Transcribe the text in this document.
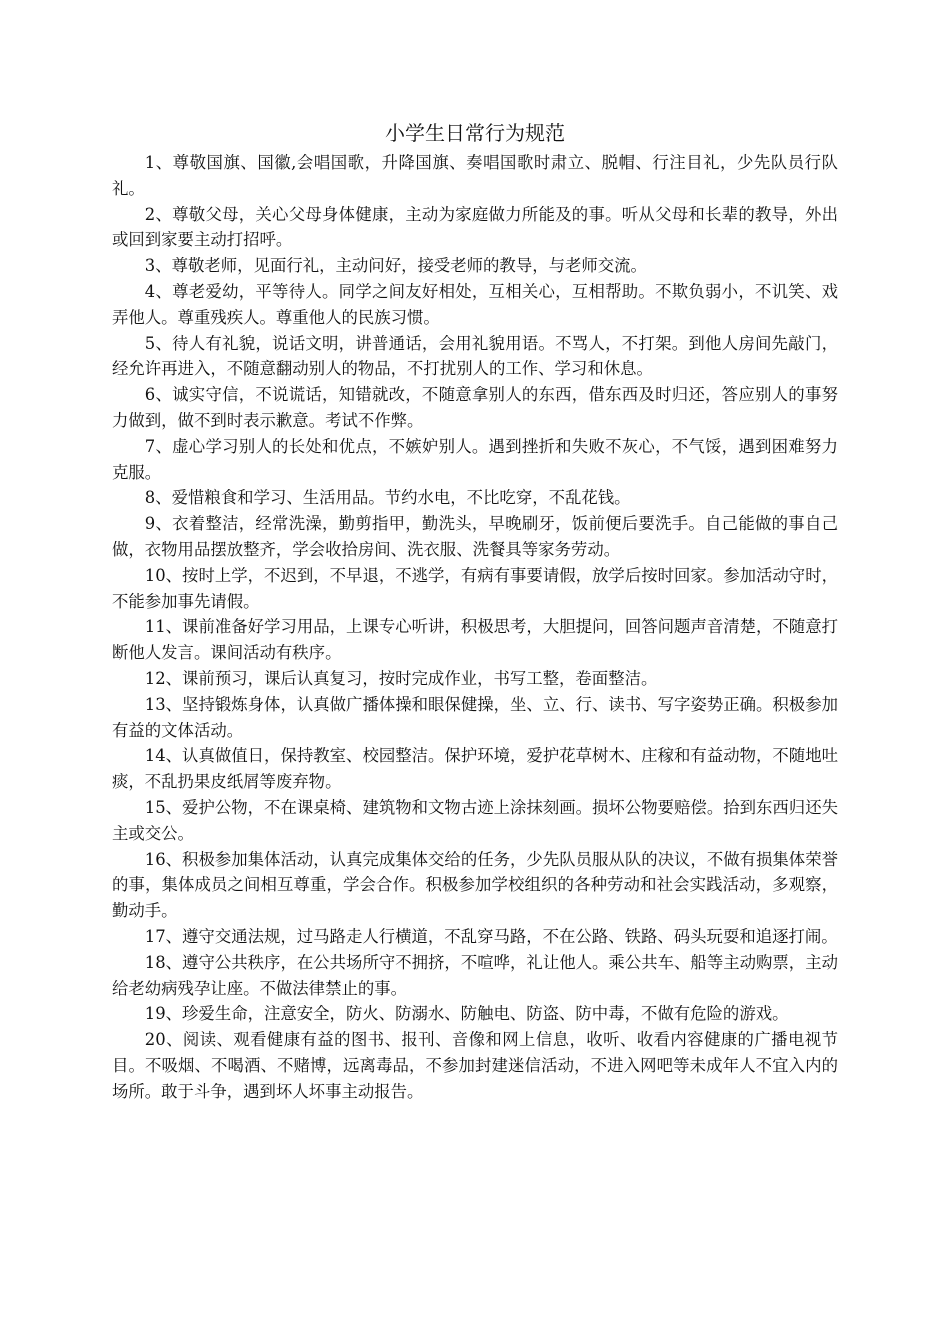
小学生日常行为规范

1、尊敬国旗、国徽,会唱国歌，升降国旗、奏唱国歌时肃立、脱帽、行注目礼，少先队员行队礼。

2、尊敬父母，关心父母身体健康，主动为家庭做力所能及的事。听从父母和长辈的教导，外出或回到家要主动打招呼。

3、尊敬老师，见面行礼，主动问好，接受老师的教导，与老师交流。

4、尊老爱幼，平等待人。同学之间友好相处，互相关心，互相帮助。不欺负弱小，不讥笑、戏弄他人。尊重残疾人。尊重他人的民族习惯。

5、待人有礼貌，说话文明，讲普通话，会用礼貌用语。不骂人，不打架。到他人房间先敲门，经允许再进入，不随意翻动别人的物品，不打扰别人的工作、学习和休息。

6、诚实守信，不说谎话，知错就改，不随意拿别人的东西，借东西及时归还，答应别人的事努力做到，做不到时表示歉意。考试不作弊。

7、虚心学习别人的长处和优点，不嫉妒别人。遇到挫折和失败不灰心，不气馁，遇到困难努力克服。

8、爱惜粮食和学习、生活用品。节约水电，不比吃穿，不乱花钱。

9、衣着整洁，经常洗澡，勤剪指甲，勤洗头，早晚刷牙，饭前便后要洗手。自己能做的事自己做，衣物用品摆放整齐，学会收拾房间、洗衣服、洗餐具等家务劳动。

10、按时上学，不迟到，不早退，不逃学，有病有事要请假，放学后按时回家。参加活动守时，不能参加事先请假。

11、课前准备好学习用品，上课专心听讲，积极思考，大胆提问，回答问题声音清楚，不随意打断他人发言。课间活动有秩序。

12、课前预习，课后认真复习，按时完成作业，书写工整，卷面整洁。

13、坚持锻炼身体，认真做广播体操和眼保健操，坐、立、行、读书、写字姿势正确。积极参加有益的文体活动。

14、认真做值日，保持教室、校园整洁。保护环境，爱护花草树木、庄稼和有益动物，不随地吐痰，不乱扔果皮纸屑等废弃物。

15、爱护公物，不在课桌椅、建筑物和文物古迹上涂抹刻画。损坏公物要赔偿。拾到东西归还失主或交公。

16、积极参加集体活动，认真完成集体交给的任务，少先队员服从队的决议，不做有损集体荣誉的事，集体成员之间相互尊重，学会合作。积极参加学校组织的各种劳动和社会实践活动，多观察，勤动手。

17、遵守交通法规，过马路走人行横道，不乱穿马路，不在公路、铁路、码头玩耍和追逐打闹。

18、遵守公共秩序，在公共场所守不拥挤，不喧哗，礼让他人。乘公共车、船等主动购票，主动给老幼病残孕让座。不做法律禁止的事。

19、珍爱生命，注意安全，防火、防溺水、防触电、防盗、防中毒，不做有危险的游戏。

20、阅读、观看健康有益的图书、报刊、音像和网上信息，收听、收看内容健康的广播电视节目。不吸烟、不喝酒、不赌博，远离毒品，不参加封建迷信活动，不进入网吧等未成年人不宜入内的场所。敢于斗争，遇到坏人坏事主动报告。
